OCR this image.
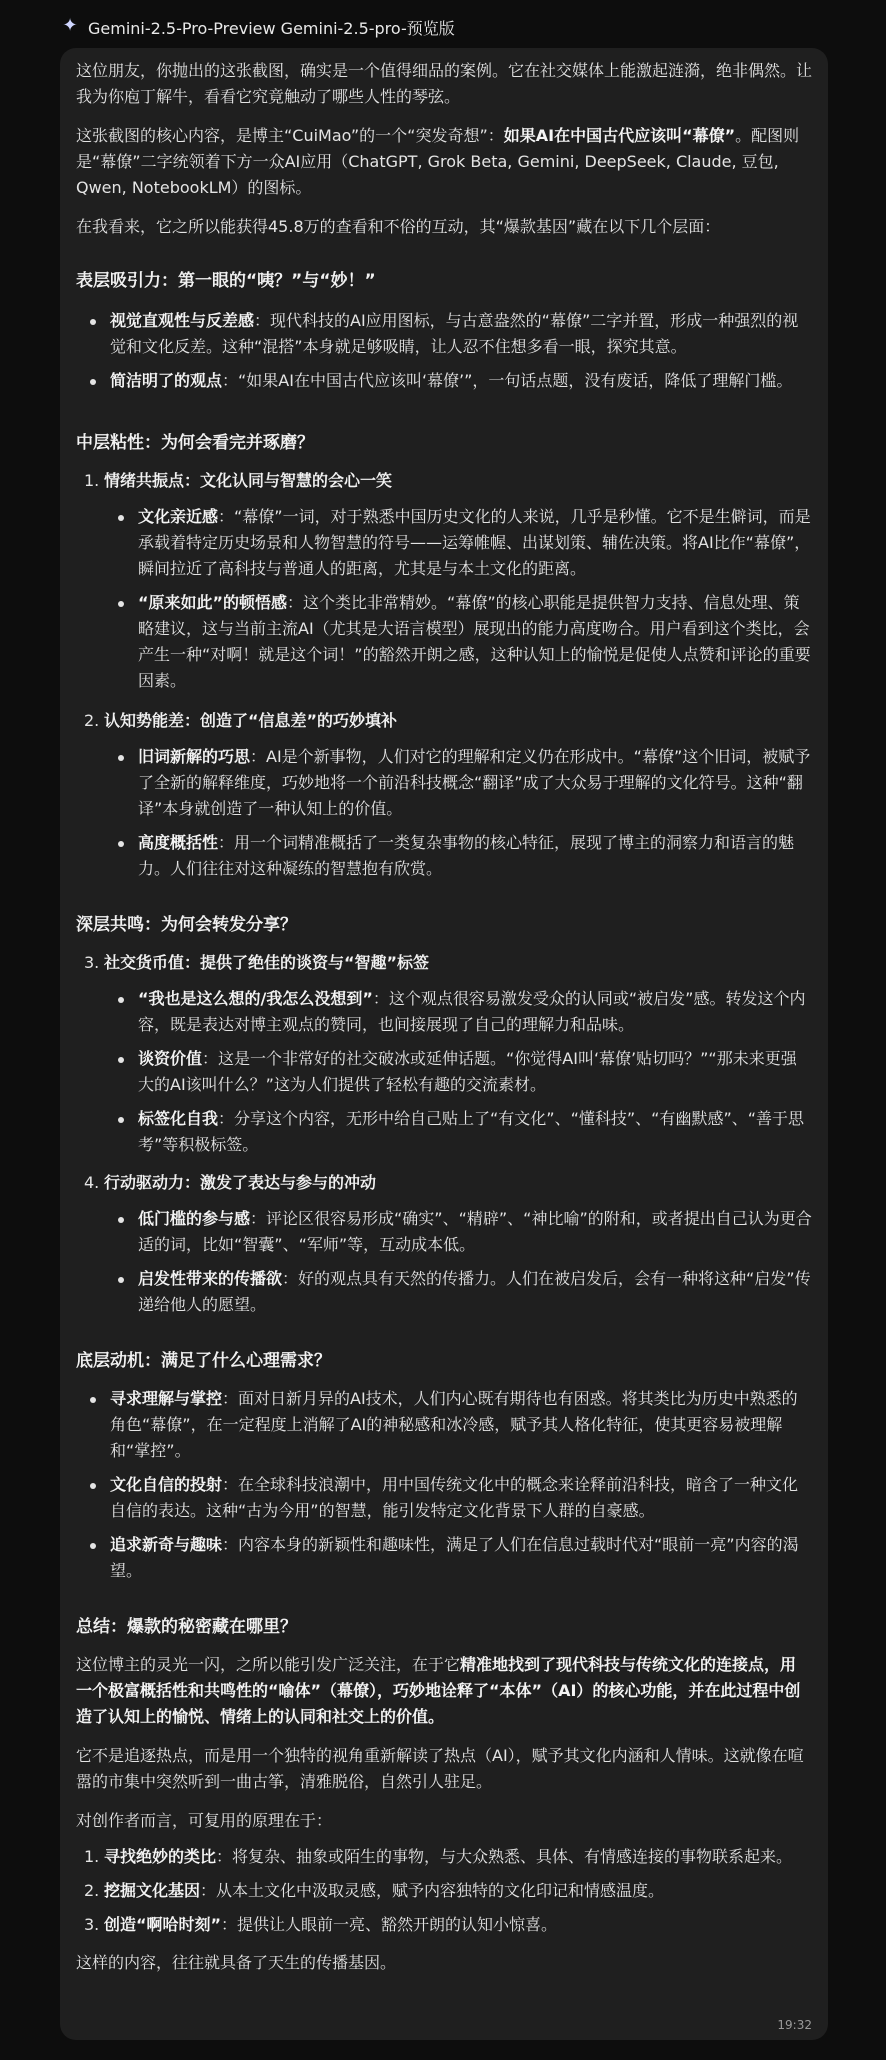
✦ Gemini-2.5-Pro-Preview Gemini-2.5-pro-预览版

这位朋友，你抛出的这张截图，确实是一个值得细品的案例。它在社交媒体上能激起涟漪，绝非偶然。让我为你庖丁解牛，看看它究竟触动了哪些人性的琴弦。

这张截图的核心内容，是博主“CuiMao”的一个“突发奇想”：如果AI在中国古代应该叫“幕僚”。配图则是“幕僚”二字统领着下方一众AI应用（ChatGPT, Grok Beta, Gemini, DeepSeek, Claude, 豆包, Qwen, NotebookLM）的图标。

在我看来，它之所以能获得45.8万的查看和不俗的互动，其“爆款基因”藏在以下几个层面：

表层吸引力：第一眼的“咦？”与“妙！”
视觉直观性与反差感：现代科技的AI应用图标，与古意盎然的“幕僚”二字并置，形成一种强烈的视觉和文化反差。这种“混搭”本身就足够吸睛，让人忍不住想多看一眼，探究其意。
简洁明了的观点：“如果AI在中国古代应该叫‘幕僚’”，一句话点题，没有废话，降低了理解门槛。
中层粘性：为何会看完并琢磨？
1. 情绪共振点：文化认同与智慧的会心一笑
文化亲近感：“幕僚”一词，对于熟悉中国历史文化的人来说，几乎是秒懂。它不是生僻词，而是承载着特定历史场景和人物智慧的符号——运筹帷幄、出谋划策、辅佐决策。将AI比作“幕僚”，瞬间拉近了高科技与普通人的距离，尤其是与本土文化的距离。
“原来如此”的顿悟感：这个类比非常精妙。“幕僚”的核心职能是提供智力支持、信息处理、策略建议，这与当前主流AI（尤其是大语言模型）展现出的能力高度吻合。用户看到这个类比，会产生一种“对啊！就是这个词！”的豁然开朗之感，这种认知上的愉悦是促使人点赞和评论的重要因素。
2. 认知势能差：创造了“信息差”的巧妙填补
旧词新解的巧思：AI是个新事物，人们对它的理解和定义仍在形成中。“幕僚”这个旧词，被赋予了全新的解释维度，巧妙地将一个前沿科技概念“翻译”成了大众易于理解的文化符号。这种“翻译”本身就创造了一种认知上的价值。
高度概括性：用一个词精准概括了一类复杂事物的核心特征，展现了博主的洞察力和语言的魅力。人们往往对这种凝练的智慧抱有欣赏。
深层共鸣：为何会转发分享？
3. 社交货币值：提供了绝佳的谈资与“智趣”标签
“我也是这么想的/我怎么没想到”：这个观点很容易激发受众的认同或“被启发”感。转发这个内容，既是表达对博主观点的赞同，也间接展现了自己的理解力和品味。
谈资价值：这是一个非常好的社交破冰或延伸话题。“你觉得AI叫‘幕僚’贴切吗？”“那未来更强大的AI该叫什么？”这为人们提供了轻松有趣的交流素材。
标签化自我：分享这个内容，无形中给自己贴上了“有文化”、“懂科技”、“有幽默感”、“善于思考”等积极标签。
4. 行动驱动力：激发了表达与参与的冲动
低门槛的参与感：评论区很容易形成“确实”、“精辟”、“神比喻”的附和，或者提出自己认为更合适的词，比如“智囊”、“军师”等，互动成本低。
启发性带来的传播欲：好的观点具有天然的传播力。人们在被启发后，会有一种将这种“启发”传递给他人的愿望。
底层动机：满足了什么心理需求？
寻求理解与掌控：面对日新月异的AI技术，人们内心既有期待也有困惑。将其类比为历史中熟悉的角色“幕僚”，在一定程度上消解了AI的神秘感和冰冷感，赋予其人格化特征，使其更容易被理解和“掌控”。
文化自信的投射：在全球科技浪潮中，用中国传统文化中的概念来诠释前沿科技，暗含了一种文化自信的表达。这种“古为今用”的智慧，能引发特定文化背景下人群的自豪感。
追求新奇与趣味：内容本身的新颖性和趣味性，满足了人们在信息过载时代对“眼前一亮”内容的渴望。
总结：爆款的秘密藏在哪里？

这位博主的灵光一闪，之所以能引发广泛关注，在于它精准地找到了现代科技与传统文化的连接点，用一个极富概括性和共鸣性的“喻体”（幕僚），巧妙地诠释了“本体”（AI）的核心功能，并在此过程中创造了认知上的愉悦、情绪上的认同和社交上的价值。

它不是追逐热点，而是用一个独特的视角重新解读了热点（AI），赋予其文化内涵和人情味。这就像在喧嚣的市集中突然听到一曲古筝，清雅脱俗，自然引人驻足。

对创作者而言，可复用的原理在于：

1. 寻找绝妙的类比：将复杂、抽象或陌生的事物，与大众熟悉、具体、有情感连接的事物联系起来。
2. 挖掘文化基因：从本土文化中汲取灵感，赋予内容独特的文化印记和情感温度。
3. 创造“啊哈时刻”：提供让人眼前一亮、豁然开朗的认知小惊喜。

这样的内容，往往就具备了天生的传播基因。

19:32
